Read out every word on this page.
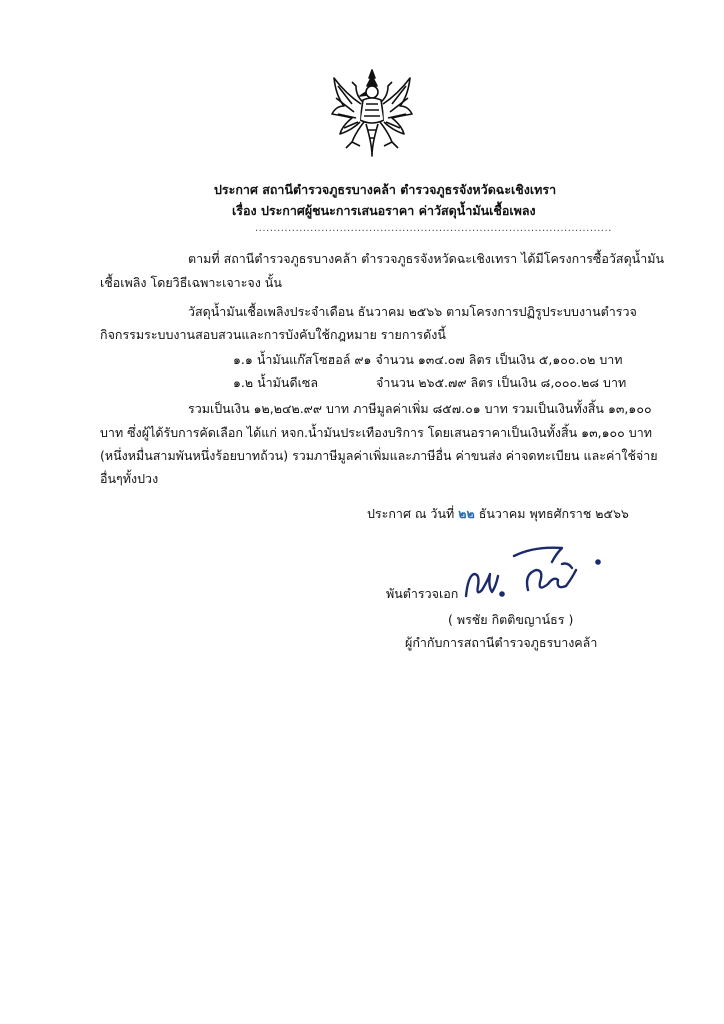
ประกาศ สถานีตำรวจภูธรบางคล้า ตำรวจภูธรจังหวัดฉะเชิงเทรา
เรื่อง ประกาศผู้ชนะการเสนอราคา ค่าวัสดุน้ำมันเชื้อเพลง
.................................................................................................
ตามที่ สถานีตำรวจภูธรบางคล้า ตำรวจภูธรจังหวัดฉะเชิงเทรา ได้มีโครงการซื้อวัสดุน้ำมัน
เชื้อเพลิง โดยวิธีเฉพาะเจาะจง นั้น
วัสดุน้ำมันเชื้อเพลิงประจำเดือน ธันวาคม ๒๕๖๖ ตามโครงการปฏิรูประบบงานตำรวจ
กิจกรรมระบบงานสอบสวนและการบังคับใช้กฎหมาย รายการดังนี้
๑.๑ น้ำมันแก๊สโซฮอล์ ๙๑ จำนวน ๑๓๔.๐๗ ลิตร เป็นเงิน ๕,๑๐๐.๐๒ บาท
๑.๒ น้ำมันดีเซล	จำนวน ๒๖๕.๗๙ ลิตร เป็นเงิน ๘,๐๐๐.๒๘ บาท
รวมเป็นเงิน ๑๒,๒๔๒.๙๙ บาท ภาษีมูลค่าเพิ่ม ๘๕๗.๐๑ บาท รวมเป็นเงินทั้งสิ้น ๑๓,๑๐๐
บาท ซึ่งผู้ได้รับการคัดเลือก ได้แก่ หจก.น้ำมันประเทืองบริการ โดยเสนอราคาเป็นเงินทั้งสิ้น ๑๓,๑๐๐ บาท
(หนึ่งหมื่นสามพันหนึ่งร้อยบาทถ้วน) รวมภาษีมูลค่าเพิ่มและภาษีอื่น ค่าขนส่ง ค่าจดทะเบียน และค่าใช้จ่าย
อื่นๆทั้งปวง
ประกาศ ณ วันที่ ๒๒ ธันวาคม พุทธศักราช ๒๕๖๖
พันตำรวจเอก
( พรชัย กิตติขญาน์ธร )
ผู้กำกับการสถานีตำรวจภูธรบางคล้า
